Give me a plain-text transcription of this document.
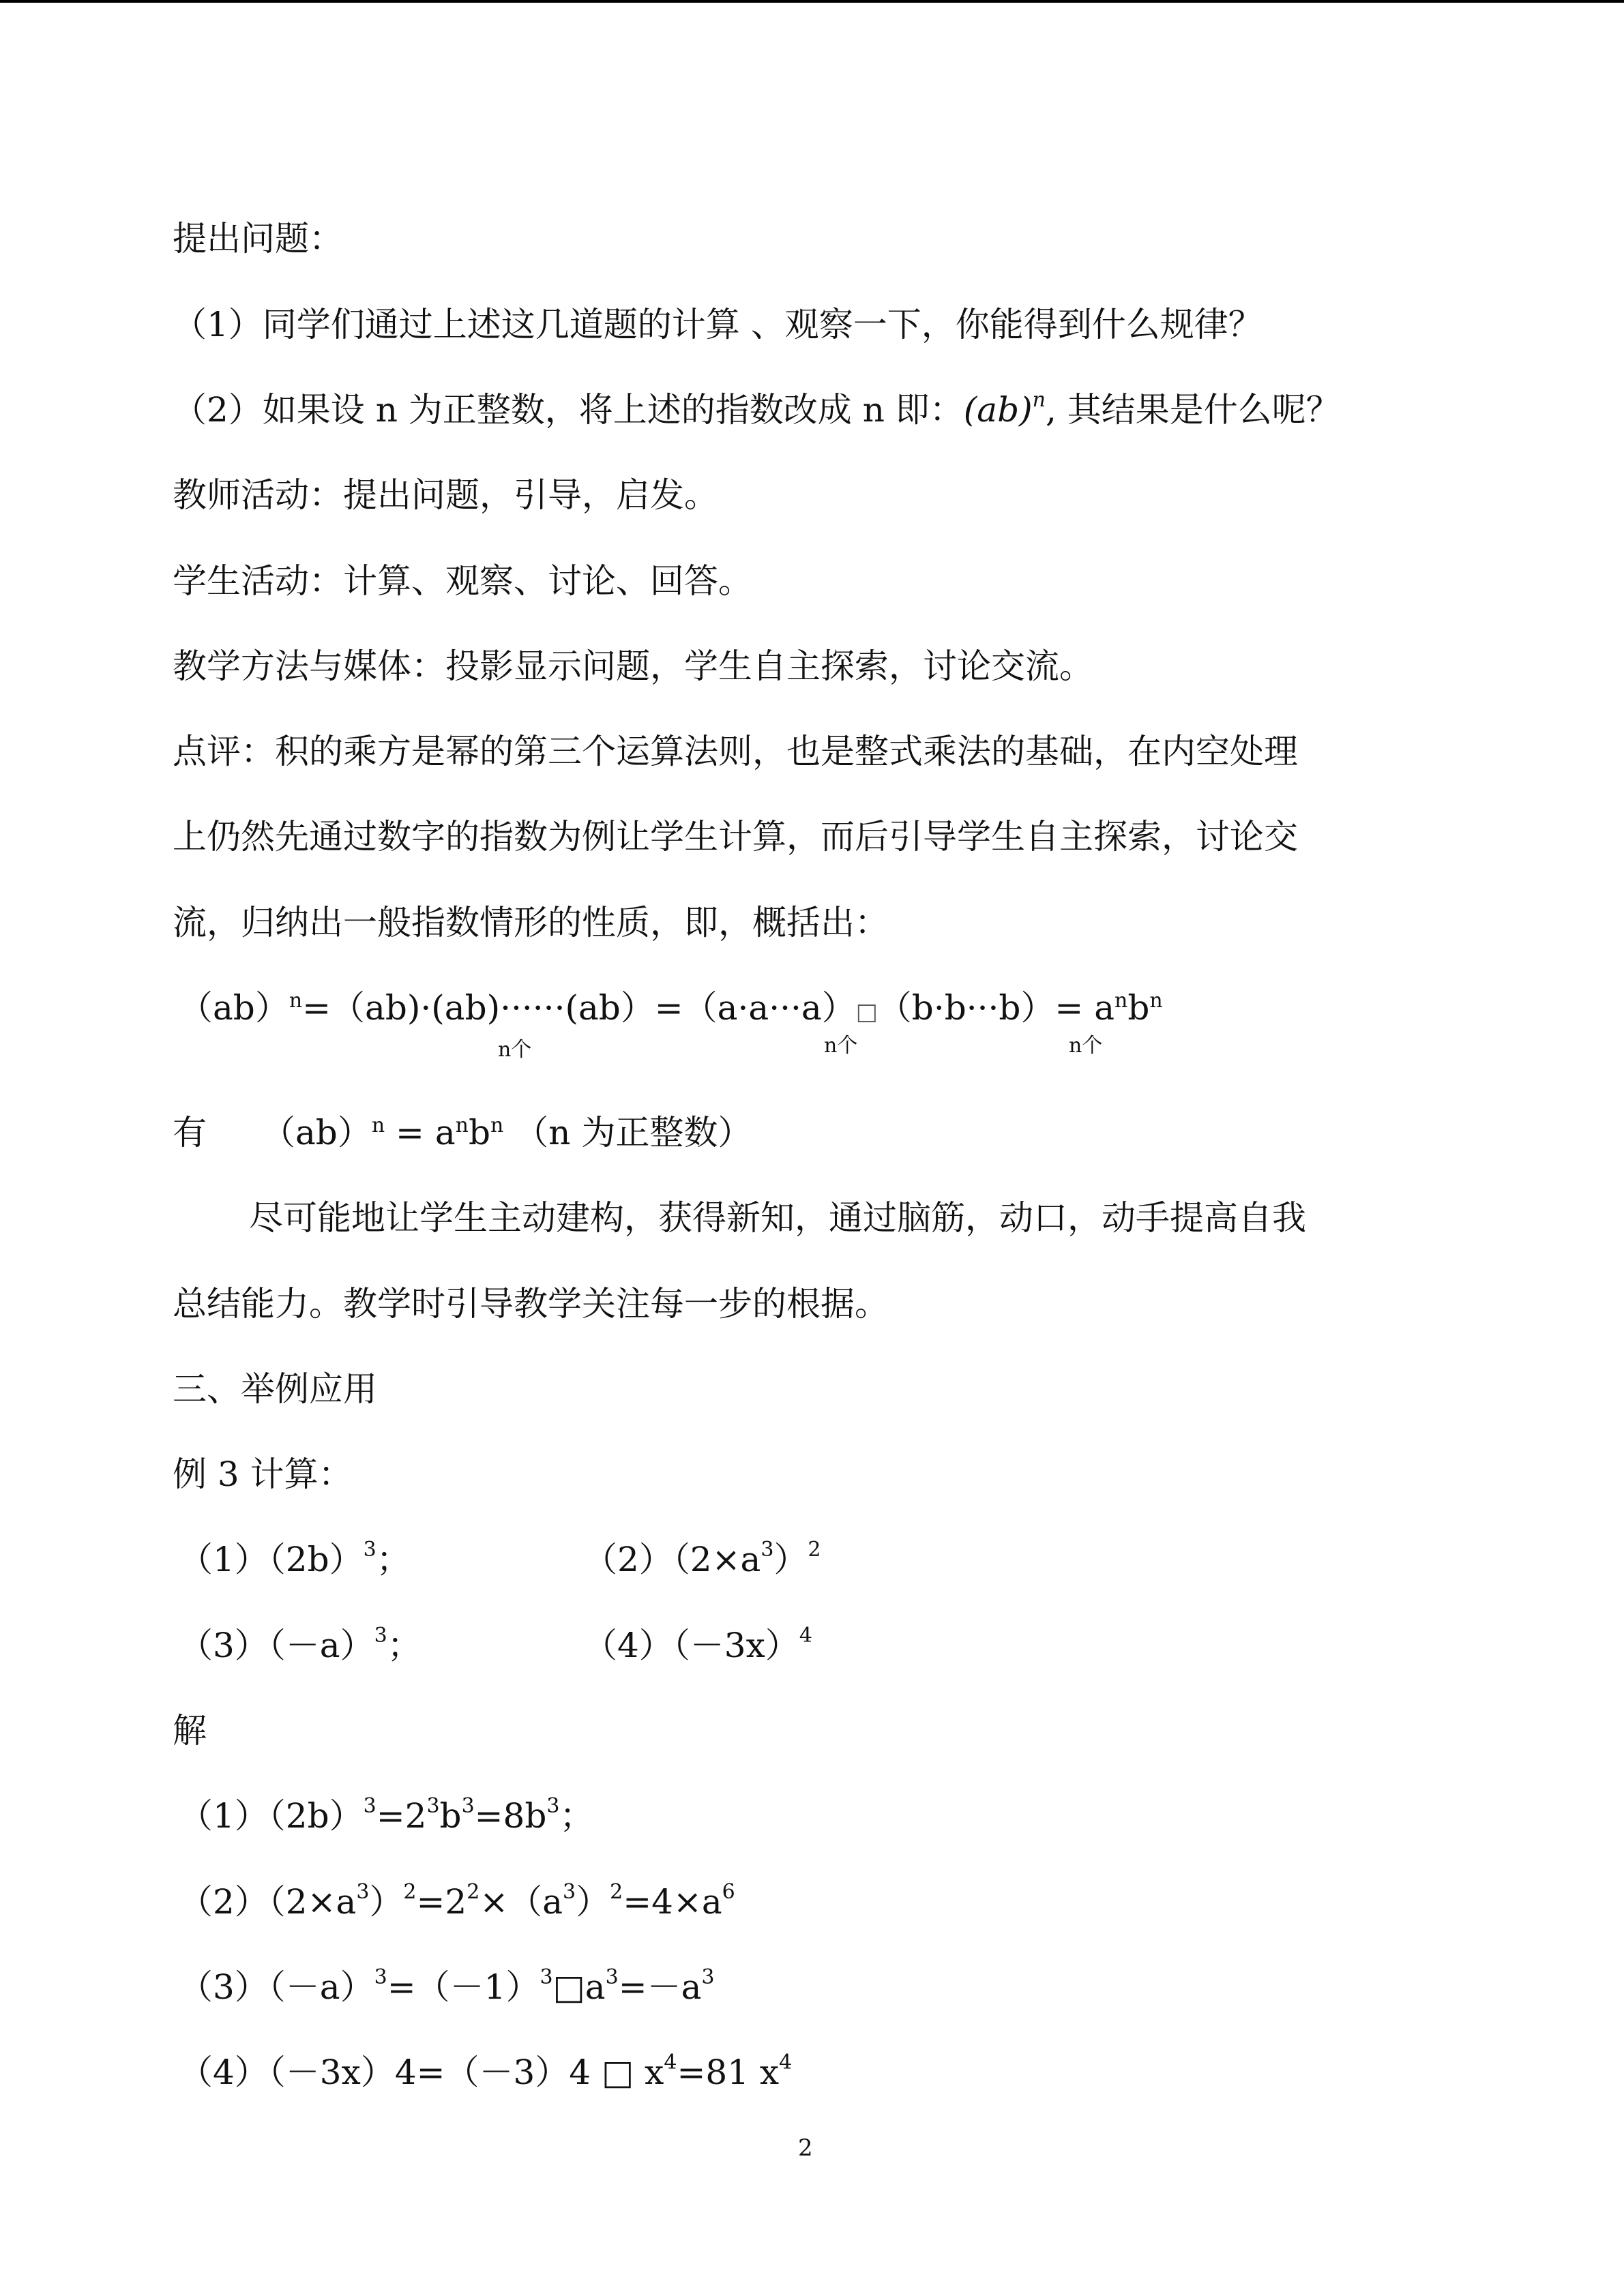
提出问题：
（1）同学们通过上述这几道题的计算 、观察一下，你能得到什么规律？
（2）如果设 n 为正整数，将上述的指数改成 n 即：(ab)$^n$, 其结果是什么呢？
教师活动：提出问题，引导，启发。
学生活动：计算、观察、讨论、回答。
教学方法与媒体：投影显示问题，学生自主探索，讨论交流。
点评：积的乘方是幂的第三个运算法则，也是整式乘法的基础，在内空处理
上仍然先通过数字的指数为例让学生计算，而后引导学生自主探索，讨论交
流，归纳出一般指数情形的性质，即，概括出：
（ab）$^n$=（ab)·(ab)······(ab）=（a·a···a）□（b·b···b）= $a^nb^n$
n个	n个	n个
有 $(ab)^n = a^nb^n$ （n 为正整数）
尽可能地让学生主动建构，获得新知，通过脑筋，动口，动手提高自我
总结能力。教学时引导教学关注每一步的根据。
三、举例应用
例 3 计算：
$(1)(2b)^3$；	$(2)(2\times a^3)^2$
$(3)(-a)^3$；	$(4)(-3x)^4$
解
$(1)(2b)^3=2^3b^3=8b^3$；
$(2)(2\times a^3)^2=2^2\times(a^3)^2=4\times a^6$
$(3)(-a)^3=(-1)^3□a^3=-a^3$
（4）（－3x）4=（－3）4 □ $x^4=81$ $x^4$
2
